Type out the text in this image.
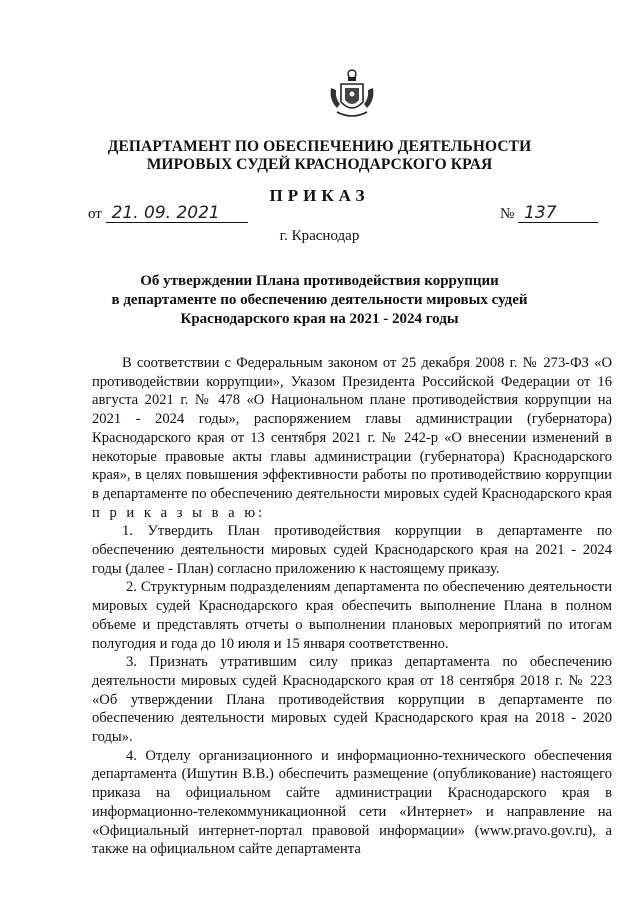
ДЕПАРТАМЕНТ ПО ОБЕСПЕЧЕНИЮ ДЕЯТЕЛЬНОСТИ
МИРОВЫХ СУДЕЙ КРАСНОДАРСКОГО КРАЯ
ПРИКАЗ
от 21. 09. 2021	№ 137
г. Краснодар
Об утверждении Плана противодействия коррупции
в департаменте по обеспечению деятельности мировых судей
Краснодарского края на 2021 - 2024 годы

В соответствии с Федеральным законом от 25 декабря 2008 г. № 273-ФЗ «О противодействии коррупции», Указом Президента Российской Федерации от 16 августа 2021 г. № 478 «О Национальном плане противодействия коррупции на 2021 - 2024 годы», распоряжением главы администрации (губернатора) Краснодарского края от 13 сентября 2021 г. № 242-р «О внесении изменений в некоторые правовые акты главы администрации (губернатора) Краснодарского края», в целях повышения эффективности работы по противодействию коррупции в департаменте по обеспечению деятельности мировых судей Краснодарского края п р и к а з ы в а ю:

1. Утвердить План противодействия коррупции в департаменте по обеспечению деятельности мировых судей Краснодарского края на 2021 - 2024 годы (далее - План) согласно приложению к настоящему приказу.

2. Структурным подразделениям департамента по обеспечению деятельности мировых судей Краснодарского края обеспечить выполнение Плана в полном объеме и представлять отчеты о выполнении плановых мероприятий по итогам полугодия и года до 10 июля и 15 января соответственно.

3. Признать утратившим силу приказ департамента по обеспечению деятельности мировых судей Краснодарского края от 18 сентября 2018 г. № 223 «Об утверждении Плана противодействия коррупции в департаменте по обеспечению деятельности мировых судей Краснодарского края на 2018 - 2020 годы».

4. Отделу организационного и информационно-технического обеспечения департамента (Ишутин В.В.) обеспечить размещение (опубликование) настоящего приказа на официальном сайте администрации Краснодарского края в информационно-телекоммуникационной сети «Интернет» и направление на «Официальный интернет-портал правовой информации» (www.pravo.gov.ru), а также на официальном сайте департамента
